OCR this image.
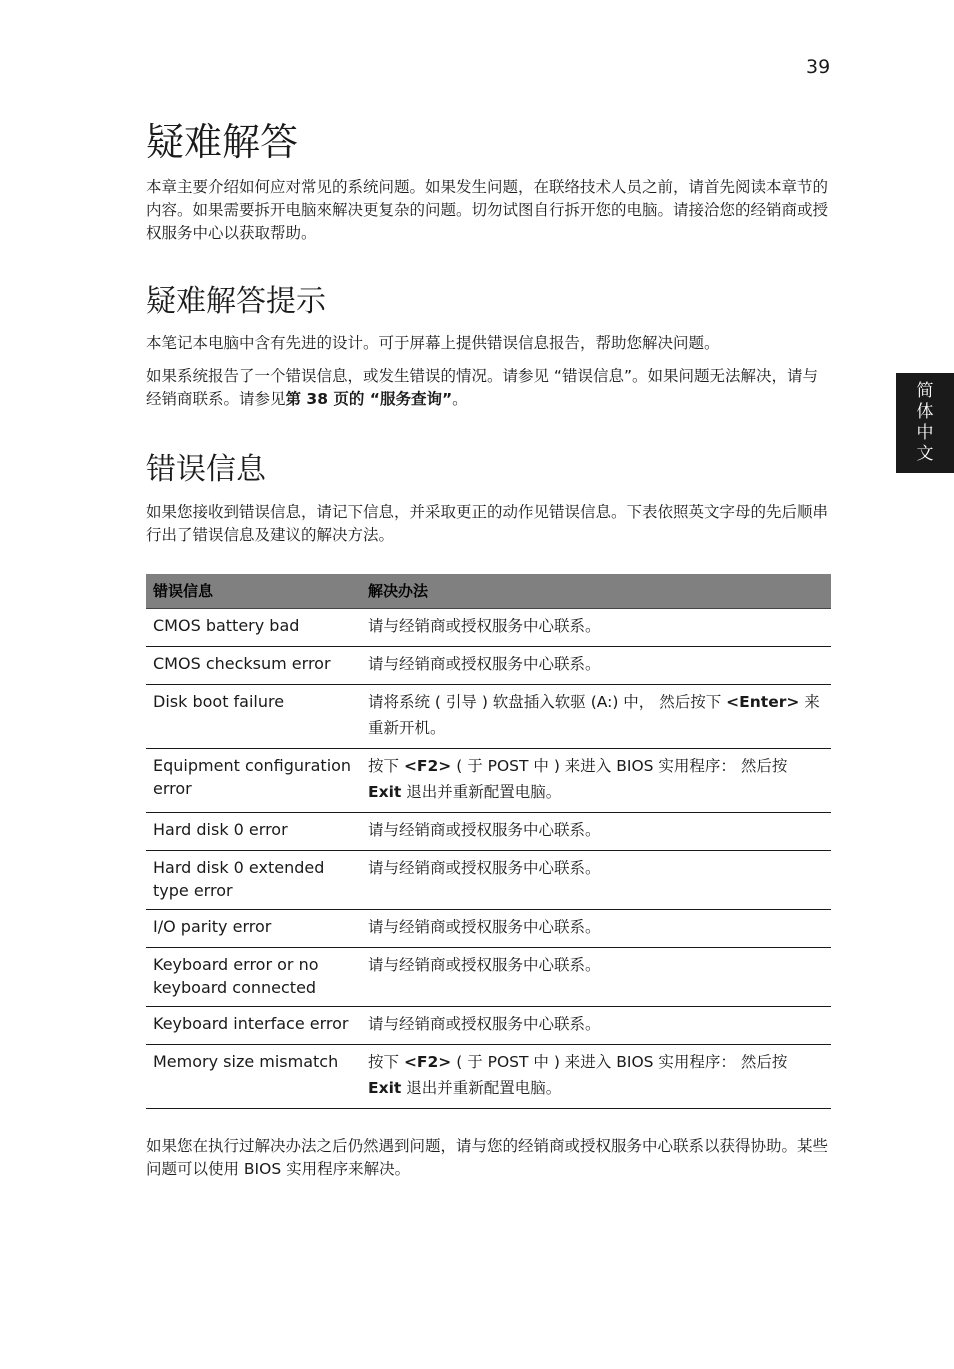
39
简
体
中
文
疑难解答

本章主要介绍如何应对常见的系统问题。如果发生问题，在联络技术人员之前，请首先阅读本章节的内容。如果需要拆开电脑來解决更复杂的问题。切勿试图自行拆开您的电脑。请接洽您的经销商或授权服务中心以获取帮助。

疑难解答提示

本笔记本电脑中含有先进的设计。可于屏幕上提供错误信息报告，帮助您解决问题。

如果系统报告了一个错误信息，或发生错误的情况。请参见 “错误信息”。如果问题无法解决，请与经销商联系。请参见第 38 页的 “服务查询”。

错误信息

如果您接收到错误信息，请记下信息，并采取更正的动作见错误信息。下表依照英文字母的先后顺串行出了错误信息及建议的解决方法。

错误信息	解决办法
CMOS battery bad	请与经销商或授权服务中心联系。
CMOS checksum error	请与经销商或授权服务中心联系。
Disk boot failure	请将系统 ( 引导 ) 软盘插入软驱 (A:) 中， 然后按下 <Enter> 来重新开机。
Equipment configuration error	按下 <F2> ( 于 POST 中 ) 来进入 BIOS 实用程序： 然后按 Exit 退出并重新配置电脑。
Hard disk 0 error	请与经销商或授权服务中心联系。
Hard disk 0 extended type error	请与经销商或授权服务中心联系。
I/O parity error	请与经销商或授权服务中心联系。
Keyboard error or no keyboard connected	请与经销商或授权服务中心联系。
Keyboard interface error	请与经销商或授权服务中心联系。
Memory size mismatch	按下 <F2> ( 于 POST 中 ) 来进入 BIOS 实用程序： 然后按 Exit 退出并重新配置电脑。

如果您在执行过解决办法之后仍然遇到问题，请与您的经销商或授权服务中心联系以获得协助。某些问题可以使用 BIOS 实用程序来解决。
